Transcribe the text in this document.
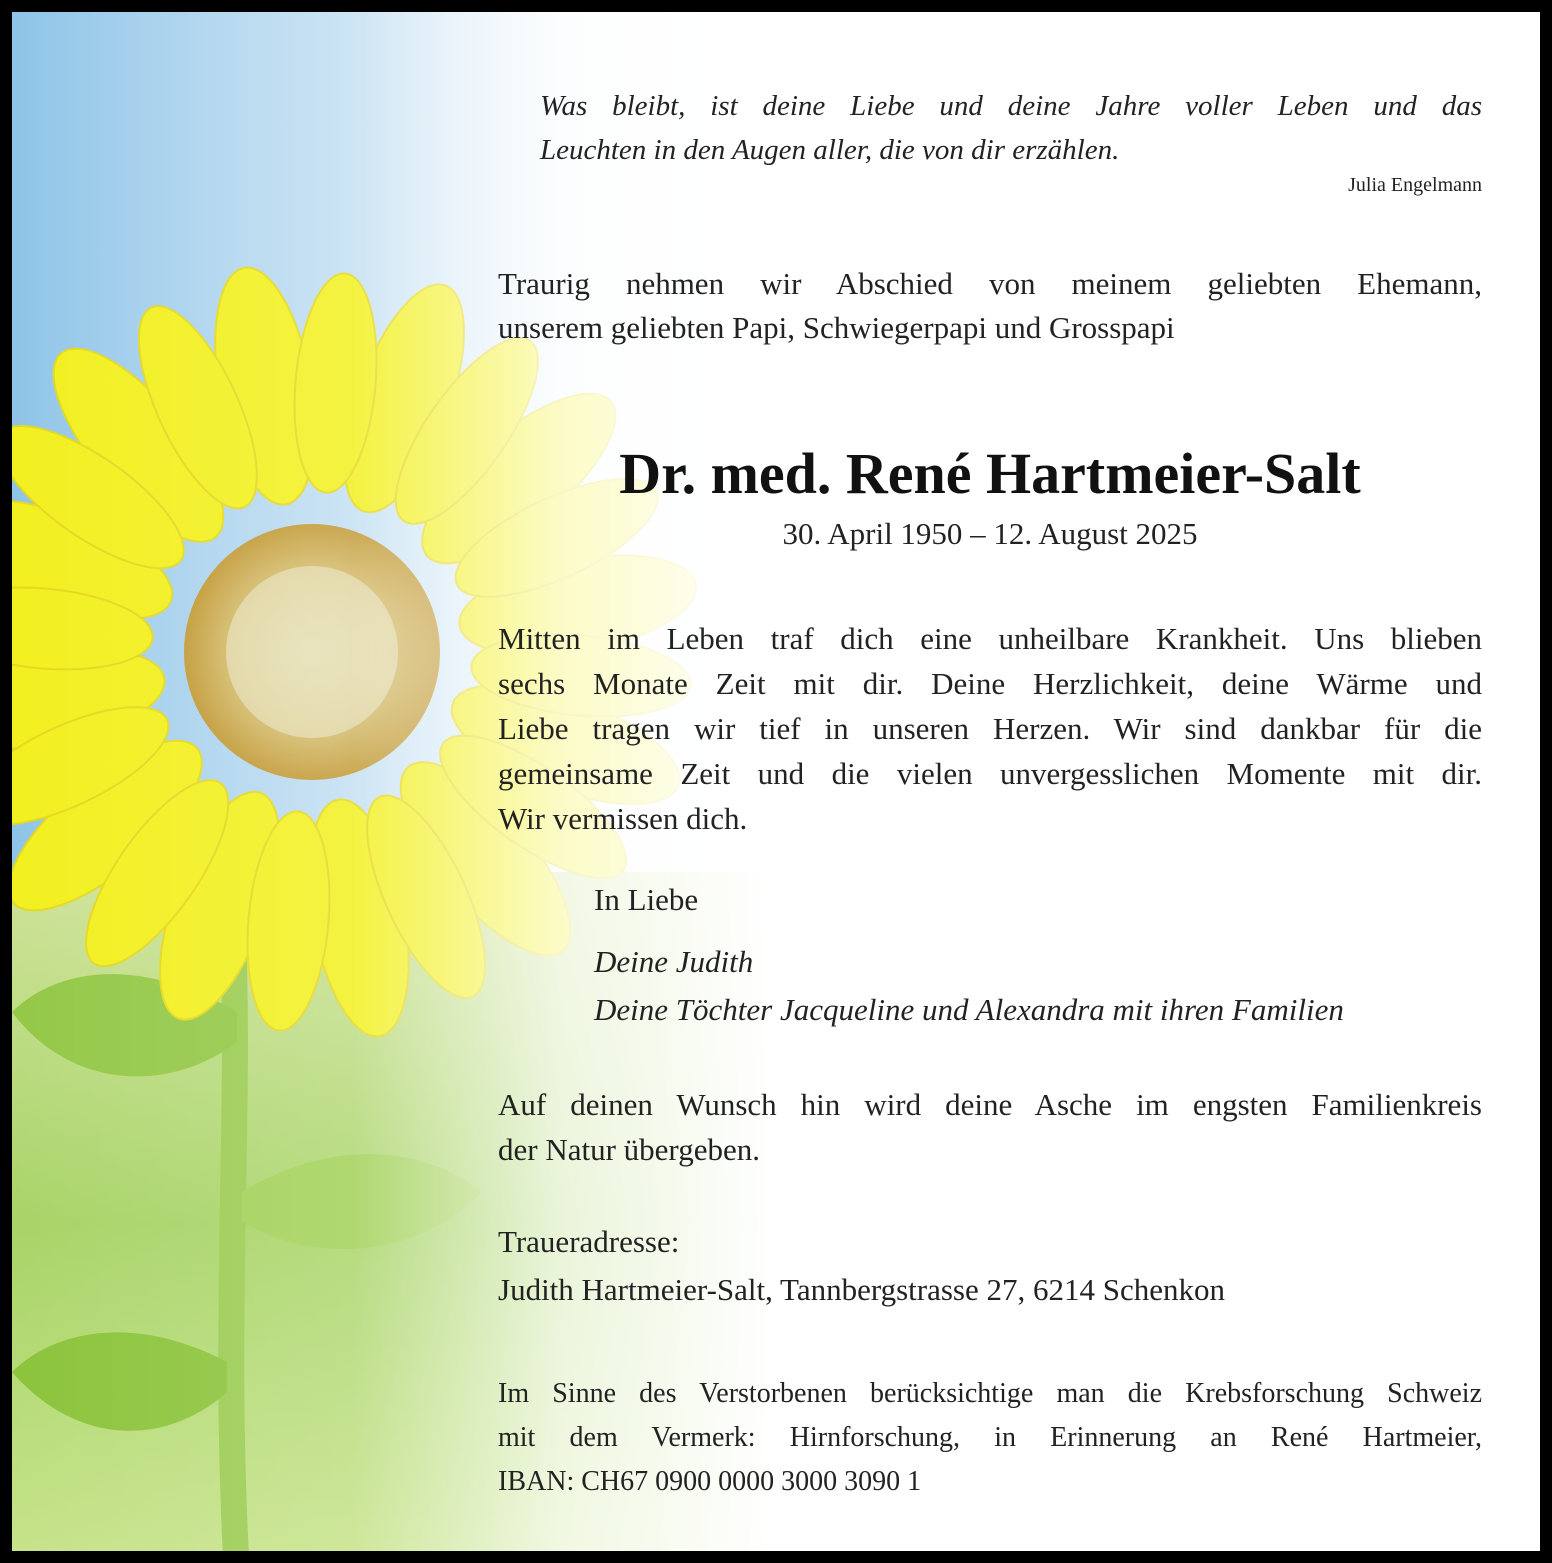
Was bleibt, ist deine Liebe und deine Jahre voller Leben und das
Leuchten in den Augen aller, die von dir erzählen.
Julia Engelmann
Traurig nehmen wir Abschied von meinem geliebten Ehemann,
unserem geliebten Papi, Schwiegerpapi und Grosspapi
Dr. med. René Hartmeier-Salt
30. April 1950 – 12. August 2025
Mitten im Leben traf dich eine unheilbare Krankheit. Uns blieben
sechs Monate Zeit mit dir. Deine Herzlichkeit, deine Wärme und
Liebe tragen wir tief in unseren Herzen. Wir sind dankbar für die
gemeinsame Zeit und die vielen unvergesslichen Momente mit dir.
Wir vermissen dich.
In Liebe
Deine Judith
Deine Töchter Jacqueline und Alexandra mit ihren Familien
Auf deinen Wunsch hin wird deine Asche im engsten Familienkreis
der Natur übergeben.
Traueradresse:
Judith Hartmeier-Salt, Tannbergstrasse 27, 6214 Schenkon
Im Sinne des Verstorbenen berücksichtige man die Krebsforschung Schweiz
mit dem Vermerk: Hirnforschung, in Erinnerung an René Hartmeier,
IBAN: CH67 0900 0000 3000 3090 1
